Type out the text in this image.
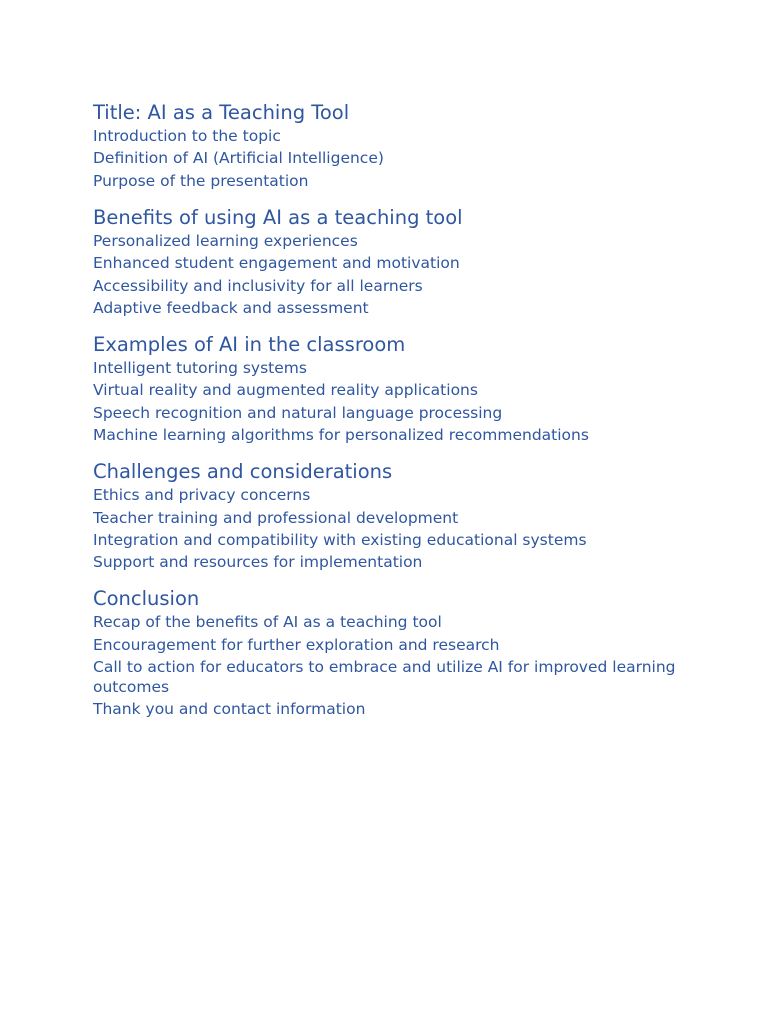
Title: AI as a Teaching Tool
Introduction to the topic
Definition of AI (Artificial Intelligence)
Purpose of the presentation
Benefits of using AI as a teaching tool
Personalized learning experiences
Enhanced student engagement and motivation
Accessibility and inclusivity for all learners
Adaptive feedback and assessment
Examples of AI in the classroom
Intelligent tutoring systems
Virtual reality and augmented reality applications
Speech recognition and natural language processing
Machine learning algorithms for personalized recommendations
Challenges and considerations
Ethics and privacy concerns
Teacher training and professional development
Integration and compatibility with existing educational systems
Support and resources for implementation
Conclusion
Recap of the benefits of AI as a teaching tool
Encouragement for further exploration and research
Call to action for educators to embrace and utilize AI for improved learning outcomes
Thank you and contact information
